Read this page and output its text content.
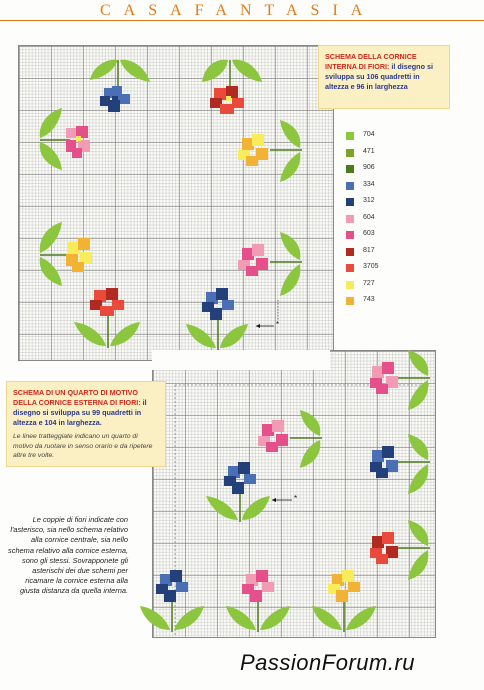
CASAFANTASIA
*
*
SCHEMA DELLA CORNICE INTERNA DI FIORI: il disegno si sviluppa su 106 quadretti in altezza e 96 in larghezza
SCHEMA DI UN QUARTO DI MOTIVO DELLA CORNICE ESTERNA DI FIORI: il disegno si sviluppa su 99 quadretti in altezza e 104 in larghezza.
Le linee tratteggiate indicano un quarto di motivo da ruotare in senso orario e da ripetere altre tre volte.
704
471
906
334
312
604
603
817
3705
727
743
Le coppie di fiori indicate con l'asterisco, sia nello schema relativo alla cornice centrale, sia nello schema relativo alla cornice esterna, sono gli stessi. Sovrapponete gli asterischi dei due schemi per ricamare la cornice esterna alla giusta distanza da quella interna.
PassionForum.ru
